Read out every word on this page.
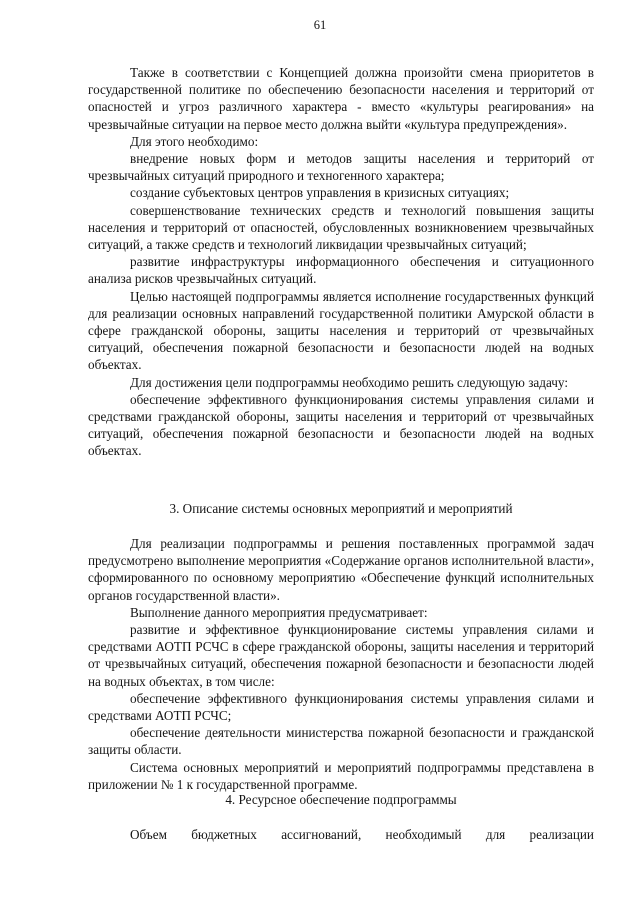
61

Также в соответствии с Концепцией должна произойти смена приоритетов в государственной политике по обеспечению безопасности населения и территорий от опасностей и угроз различного характера - вместо «культуры реагирования» на чрезвычайные ситуации на первое место должна выйти «культура предупреждения».

Для этого необходимо:

внедрение новых форм и методов защиты населения и территорий от чрезвычайных ситуаций природного и техногенного характера;

создание субъектовых центров управления в кризисных ситуациях;

совершенствование технических средств и технологий повышения защиты населения и территорий от опасностей, обусловленных возникновением чрезвычайных ситуаций, а также средств и технологий ликвидации чрезвычайных ситуаций;

развитие инфраструктуры информационного обеспечения и ситуационного анализа рисков чрезвычайных ситуаций.

Целью настоящей подпрограммы является исполнение государственных функций для реализации основных направлений государственной политики Амурской области в сфере гражданской обороны, защиты населения и территорий от чрезвычайных ситуаций, обеспечения пожарной безопасности и безопасности людей на водных объектах.

Для достижения цели подпрограммы необходимо решить следующую задачу:

обеспечение эффективного функционирования системы управления силами и средствами гражданской обороны, защиты населения и территорий от чрезвычайных ситуаций, обеспечения пожарной безопасности и безопасности людей на водных объектах.

3. Описание системы основных мероприятий и мероприятий

Для реализации подпрограммы и решения поставленных программой задач предусмотрено выполнение мероприятия «Содержание органов исполнительной власти», сформированного по основному мероприятию «Обеспечение функций исполнительных органов государственной власти».

Выполнение данного мероприятия предусматривает:

развитие и эффективное функционирование системы управления силами и средствами АОТП РСЧС в сфере гражданской обороны, защиты населения и территорий от чрезвычайных ситуаций, обеспечения пожарной безопасности и безопасности людей на водных объектах, в том числе:

обеспечение эффективного функционирования системы управления силами и средствами АОТП РСЧС;

обеспечение деятельности министерства пожарной безопасности и гражданской защиты области.

Система основных мероприятий и мероприятий подпрограммы представлена в приложении № 1 к государственной программе.

4. Ресурсное обеспечение подпрограммы

Объем бюджетных ассигнований, необходимый для реализации
